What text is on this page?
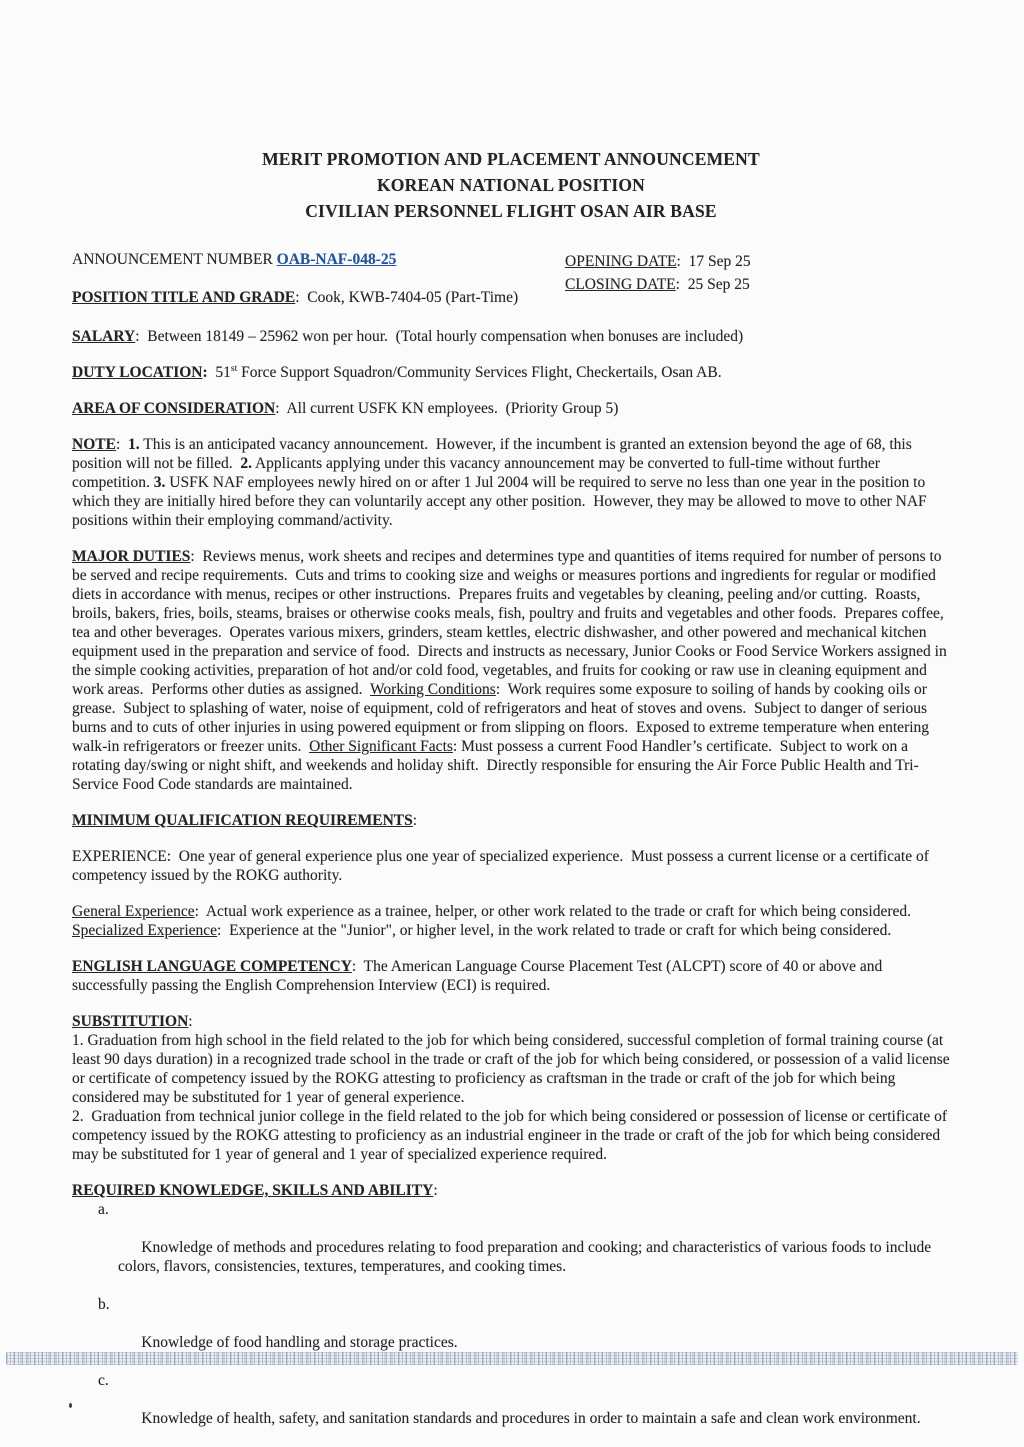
MERIT PROMOTION AND PLACEMENT ANNOUNCEMENT
KOREAN NATIONAL POSITION
CIVILIAN PERSONNEL FLIGHT OSAN AIR BASE

ANNOUNCEMENT NUMBER OAB-NAF-048-25	OPENING DATE:  17 Sep 25

CLOSING DATE:  25 Sep 25

POSITION TITLE AND GRADE:  Cook, KWB-7404-05 (Part-Time)

SALARY:  Between 18149 – 25962 won per hour.  (Total hourly compensation when bonuses are included)

DUTY LOCATION:  51st Force Support Squadron/Community Services Flight, Checkertails, Osan AB.

AREA OF CONSIDERATION:  All current USFK KN employees.  (Priority Group 5)

NOTE:  1. This is an anticipated vacancy announcement.  However, if the incumbent is granted an extension beyond the age of 68, this position will not be filled.  2. Applicants applying under this vacancy announcement may be converted to full-time without further competition. 3. USFK NAF employees newly hired on or after 1 Jul 2004 will be required to serve no less than one year in the position to which they are initially hired before they can voluntarily accept any other position.  However, they may be allowed to move to other NAF positions within their employing command/activity.

MAJOR DUTIES:  Reviews menus, work sheets and recipes and determines type and quantities of items required for number of persons to be served and recipe requirements.  Cuts and trims to cooking size and weighs or measures portions and ingredients for regular or modified diets in accordance with menus, recipes or other instructions.  Prepares fruits and vegetables by cleaning, peeling and/or cutting.  Roasts, broils, bakers, fries, boils, steams, braises or otherwise cooks meals, fish, poultry and fruits and vegetables and other foods.  Prepares coffee, tea and other beverages.  Operates various mixers, grinders, steam kettles, electric dishwasher, and other powered and mechanical kitchen equipment used in the preparation and service of food.  Directs and instructs as necessary, Junior Cooks or Food Service Workers assigned in the simple cooking activities, preparation of hot and/or cold food, vegetables, and fruits for cooking or raw use in cleaning equipment and work areas.  Performs other duties as assigned.  Working Conditions:  Work requires some exposure to soiling of hands by cooking oils or grease.  Subject to splashing of water, noise of equipment, cold of refrigerators and heat of stoves and ovens.  Subject to danger of serious burns and to cuts of other injuries in using powered equipment or from slipping on floors.  Exposed to extreme temperature when entering walk-in refrigerators or freezer units.  Other Significant Facts: Must possess a current Food Handler’s certificate.  Subject to work on a rotating day/swing or night shift, and weekends and holiday shift.  Directly responsible for ensuring the Air Force Public Health and Tri-Service Food Code standards are maintained.

MINIMUM QUALIFICATION REQUIREMENTS:

EXPERIENCE:  One year of general experience plus one year of specialized experience.  Must possess a current license or a certificate of competency issued by the ROKG authority.

General Experience:  Actual work experience as a trainee, helper, or other work related to the trade or craft for which being considered.

Specialized Experience:  Experience at the "Junior", or higher level, in the work related to trade or craft for which being considered.

ENGLISH LANGUAGE COMPETENCY:  The American Language Course Placement Test (ALCPT) score of 40 or above and successfully passing the English Comprehension Interview (ECI) is required.

SUBSTITUTION:

1. Graduation from high school in the field related to the job for which being considered, successful completion of formal training course (at least 90 days duration) in a recognized trade school in the trade or craft of the job for which being considered, or possession of a valid license or certificate of competency issued by the ROKG attesting to proficiency as craftsman in the trade or craft of the job for which being considered may be substituted for 1 year of general experience.

2.  Graduation from technical junior college in the field related to the job for which being considered or possession of license or certificate of competency issued by the ROKG attesting to proficiency as an industrial engineer in the trade or craft of the job for which being considered may be substituted for 1 year of general and 1 year of specialized experience required.

REQUIRED KNOWLEDGE, SKILLS AND ABILITY:

a.

Knowledge of methods and procedures relating to food preparation and cooking; and characteristics of various foods to include colors, flavors, consistencies, textures, temperatures, and cooking times.

b.

Knowledge of food handling and storage practices.

c.

Knowledge of health, safety, and sanitation standards and procedures in order to maintain a safe and clean work environment.
